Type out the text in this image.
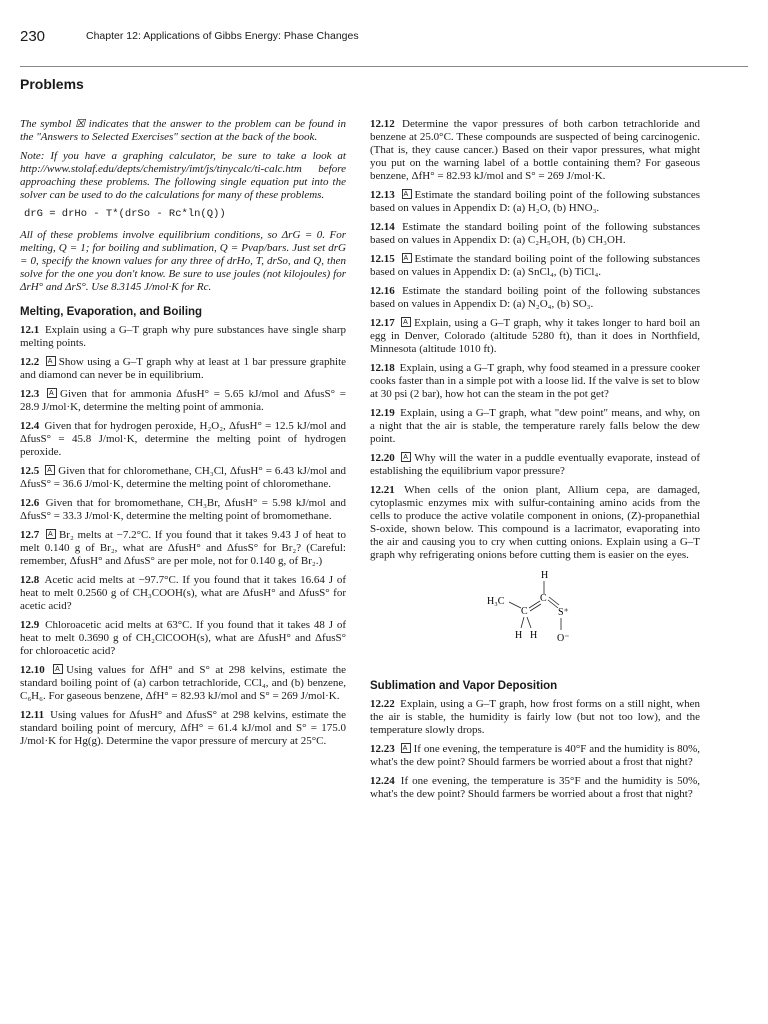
230	Chapter 12: Applications of Gibbs Energy: Phase Changes
Problems

The symbol ☒ indicates that the answer to the problem can be found in the "Answers to Selected Exercises" section at the back of the book.

Note: If you have a graphing calculator, be sure to take a look at http://www.stolaf.edu/depts/chemistry/imt/js/tinycalc/ti-calc.htm before approaching these problems. The following single equation put into the solver can be used to do the calculations for many of these problems.

drG = drHo - T*(drSo - Rc*ln(Q))

All of these problems involve equilibrium conditions, so ΔrG = 0. For melting, Q = 1; for boiling and sublimation, Q = Pvap/bars. Just set drG = 0, specify the known values for any three of drHo, T, drSo, and Q, then solve for the one you don't know. Be sure to use joules (not kilojoules) for ΔrH° and ΔrS°. Use 8.3145 J/mol·K for Rc.

Melting, Evaporation, and Boiling

12.1 Explain using a G–T graph why pure substances have single sharp melting points.

12.2 A Show using a G–T graph why at least at 1 bar pressure graphite and diamond can never be in equilibrium.

12.3 A Given that for ammonia ΔfusH° = 5.65 kJ/mol and ΔfusS° = 28.9 J/mol·K, determine the melting point of ammonia.

12.4 Given that for hydrogen peroxide, H₂O₂, ΔfusH° = 12.5 kJ/mol and ΔfusS° = 45.8 J/mol·K, determine the melting point of hydrogen peroxide.

12.5 A Given that for chloromethane, CH₃Cl, ΔfusH° = 6.43 kJ/mol and ΔfusS° = 36.6 J/mol·K, determine the melting point of chloromethane.

12.6 Given that for bromomethane, CH₃Br, ΔfusH° = 5.98 kJ/mol and ΔfusS° = 33.3 J/mol·K, determine the melting point of bromomethane.

12.7 A Br₂ melts at −7.2°C. If you found that it takes 9.43 J of heat to melt 0.140 g of Br₂, what are ΔfusH° and ΔfusS° for Br₂? (Careful: remember, ΔfusH° and ΔfusS° are per mole, not for 0.140 g, of Br₂.)

12.8 Acetic acid melts at −97.7°C. If you found that it takes 16.64 J of heat to melt 0.2560 g of CH₃COOH(s), what are ΔfusH° and ΔfusS° for acetic acid?

12.9 Chloroacetic acid melts at 63°C. If you found that it takes 48 J of heat to melt 0.3690 g of CH₂ClCOOH(s), what are ΔfusH° and ΔfusS° for chloroacetic acid?

12.10 A Using values for ΔfH° and S° at 298 kelvins, estimate the standard boiling point of (a) carbon tetrachloride, CCl₄, and (b) benzene, C₆H₆. For gaseous benzene, ΔfH° = 82.93 kJ/mol and S° = 269 J/mol·K.

12.11 Using values for ΔfusH° and ΔfusS° at 298 kelvins, estimate the standard boiling point of mercury, ΔfH° = 61.4 kJ/mol and S° = 175.0 J/mol·K for Hg(g). Determine the vapor pressure of mercury at 25°C.

12.12 Determine the vapor pressures of both carbon tetrachloride and benzene at 25.0°C. These compounds are suspected of being carcinogenic. (That is, they cause cancer.) Based on their vapor pressures, what might you put on the warning label of a bottle containing them? For gaseous benzene, ΔfH° = 82.93 kJ/mol and S° = 269 J/mol·K.

12.13 A Estimate the standard boiling point of the following substances based on values in Appendix D: (a) H₂O, (b) HNO₃.

12.14 Estimate the standard boiling point of the following substances based on values in Appendix D: (a) C₂H₅OH, (b) CH₃OH.

12.15 A Estimate the standard boiling point of the following substances based on values in Appendix D: (a) SnCl₄, (b) TiCl₄.

12.16 Estimate the standard boiling point of the following substances based on values in Appendix D: (a) N₂O₄, (b) SO₃.

12.17 A Explain, using a G–T graph, why it takes longer to hard boil an egg in Denver, Colorado (altitude 5280 ft), than it does in Northfield, Minnesota (altitude 1010 ft).

12.18 Explain, using a G–T graph, why food steamed in a pressure cooker cooks faster than in a simple pot with a loose lid. If the valve is set to blow at 30 psi (2 bar), how hot can the steam in the pot get?

12.19 Explain, using a G–T graph, what "dew point" means, and why, on a night that the air is stable, the temperature rarely falls below the dew point.

12.20 A Why will the water in a puddle eventually evaporate, instead of establishing the equilibrium vapor pressure?

12.21 When cells of the onion plant, Allium cepa, are damaged, cytoplasmic enzymes mix with sulfur-containing amino acids from the cells to produce the active volatile component in onions, (Z)-propanethial S-oxide, shown below. This compound is a lacrimator, evaporating into the air and causing you to cry when cutting onions. Explain using a G–T graph why refrigerating onions before cutting them is easier on the eyes.

H
H₃C
C
C
S⁺
H H O⁻
Sublimation and Vapor Deposition

12.22 Explain, using a G–T graph, how frost forms on a still night, when the air is stable, the humidity is fairly low (but not too low), and the temperature slowly drops.

12.23 A If one evening, the temperature is 40°F and the humidity is 80%, what's the dew point? Should farmers be worried about a frost that night?

12.24 If one evening, the temperature is 35°F and the humidity is 50%, what's the dew point? Should farmers be worried about a frost that night?
